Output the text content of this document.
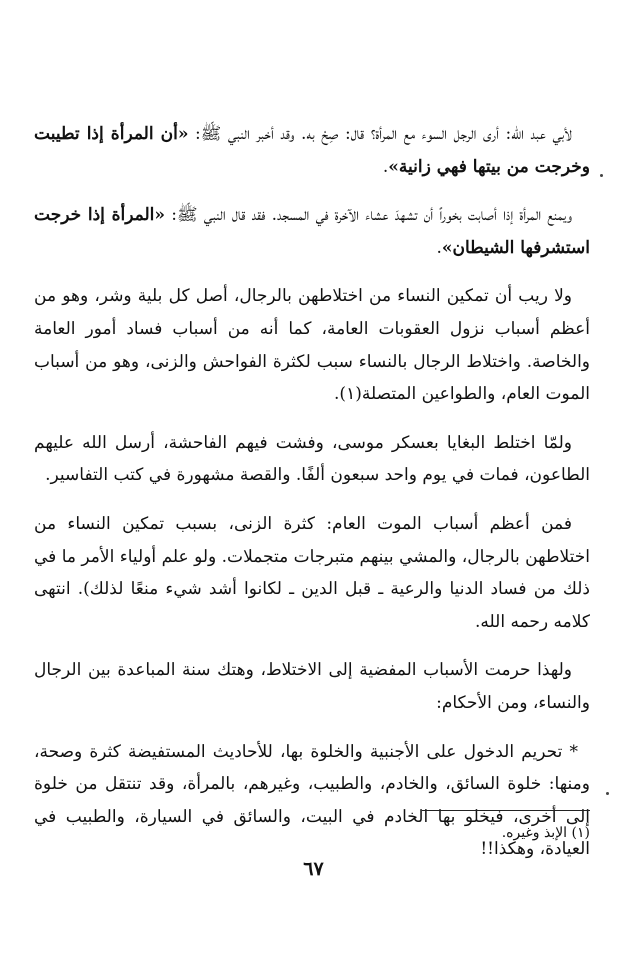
لأبي عبد الله: أرى الرجل السوء مع المرأة؟ قال: صِحْ به. وقد أخبر النبي ﷺ: «أن المرأة إذا تطيبت وخرجت من بيتها فهي زانية».

ويمنع المرأة إذا أصابت بخوراً أن تشهدَ عشاء الآخرة في المسجد. فقد قال النبي ﷺ: «المرأة إذا خرجت استشرفها الشيطان».

ولا ريب أن تمكين النساء من اختلاطهن بالرجال، أصل كل بلية وشر، وهو من أعظم أسباب نزول العقوبات العامة، كما أنه من أسباب فساد أمور العامة والخاصة. واختلاط الرجال بالنساء سبب لكثرة الفواحش والزنى، وهو من أسباب الموت العام، والطواعين المتصلة(١).

ولمّا اختلط البغايا بعسكر موسى، وفشت فيهم الفاحشة، أرسل الله عليهم الطاعون، فمات في يوم واحد سبعون ألفًا. والقصة مشهورة في كتب التفاسير.

فمن أعظم أسباب الموت العام: كثرة الزنى، بسبب تمكين النساء من اختلاطهن بالرجال، والمشي بينهم متبرجات متجملات. ولو علم أولياء الأمر ما في ذلك من فساد الدنيا والرعية ـ قبل الدين ـ لكانوا أشد شيء منعًا لذلك). انتهى كلامه رحمه الله.

ولهذا حرمت الأسباب المفضية إلى الاختلاط، وهتك سنة المباعدة بين الرجال والنساء، ومن الأحكام:

* تحريم الدخول على الأجنبية والخلوة بها، للأحاديث المستفيضة كثرة وصحة، ومنها: خلوة السائق، والخادم، والطبيب، وغيرهم، بالمرأة، وقد تنتقل من خلوة إلى أخرى، فيخلو بها الخادم في البيت، والسائق في السيارة، والطبيب في العيادة، وهكذا!!

(١) الإبذ وغيره.
٦٧
